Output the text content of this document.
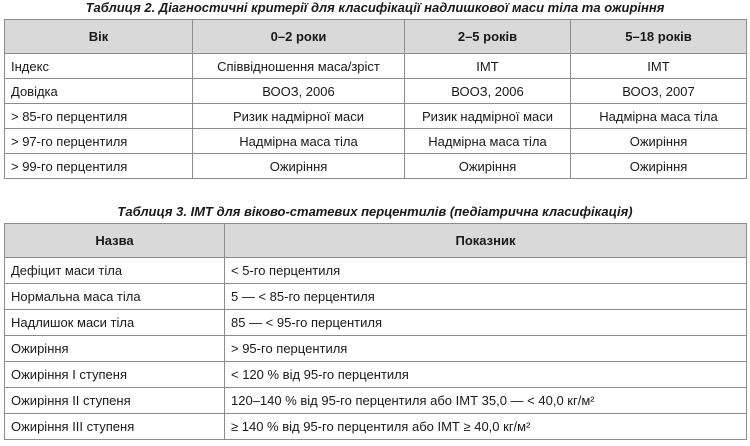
Таблиця 2. Діагностичні критерії для класифікації надлишкової маси тіла та ожиріння
Вік	0–2 роки	2–5 років	5–18 років
Індекс	Співвідношення маса/зріст	ІМТ	ІМТ
Довідка	ВООЗ, 2006	ВООЗ, 2006	ВООЗ, 2007
> 85-го перцентиля	Ризик надмірної маси	Ризик надмірної маси	Надмірна маса тіла
> 97-го перцентиля	Надмірна маса тіла	Надмірна маса тіла	Ожиріння
> 99-го перцентиля	Ожиріння	Ожиріння	Ожиріння
Таблиця 3. ІМТ для віково-статевих перцентилів (педіатрична класифікація)
Назва	Показник
Дефіцит маси тіла	< 5-го перцентиля
Нормальна маса тіла	5 — < 85-го перцентиля
Надлишок маси тіла	85 — < 95-го перцентиля
Ожиріння	> 95-го перцентиля
Ожиріння I ступеня	< 120 % від 95-го перцентиля
Ожиріння II ступеня	120–140 % від 95-го перцентиля або ІМТ 35,0 — < 40,0 кг/м²
Ожиріння III ступеня	≥ 140 % від 95-го перцентиля або ІМТ ≥ 40,0 кг/м²
